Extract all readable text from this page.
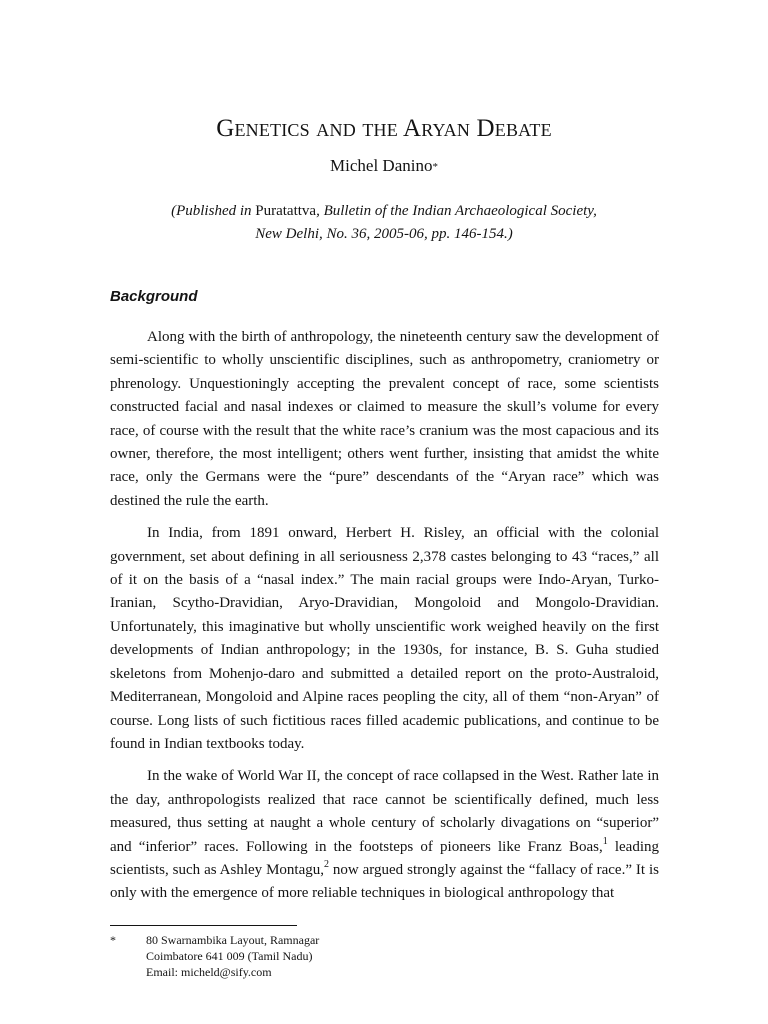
Genetics and the Aryan Debate
Michel Danino*
(Published in Puratattva, Bulletin of the Indian Archaeological Society,
New Delhi, No. 36, 2005-06, pp. 146-154.)
Background

Along with the birth of anthropology, the nineteenth century saw the development of semi-scientific to wholly unscientific disciplines, such as anthropometry, craniometry or phrenology. Unquestioningly accepting the prevalent concept of race, some scientists constructed facial and nasal indexes or claimed to measure the skull’s volume for every race, of course with the result that the white race’s cranium was the most capacious and its owner, therefore, the most intelligent; others went further, insisting that amidst the white race, only the Germans were the “pure” descendants of the “Aryan race” which was destined the rule the earth.

In India, from 1891 onward, Herbert H. Risley, an official with the colonial government, set about defining in all seriousness 2,378 castes belonging to 43 “races,” all of it on the basis of a “nasal index.” The main racial groups were Indo-Aryan, Turko-Iranian, Scytho-Dravidian, Aryo-Dravidian, Mongoloid and Mongolo-Dravidian. Unfortunately, this imaginative but wholly unscientific work weighed heavily on the first developments of Indian anthropology; in the 1930s, for instance, B. S. Guha studied skeletons from Mohenjo-daro and submitted a detailed report on the proto-Australoid, Mediterranean, Mongoloid and Alpine races peopling the city, all of them “non-Aryan” of course. Long lists of such fictitious races filled academic publications, and continue to be found in Indian textbooks today.

In the wake of World War II, the concept of race collapsed in the West. Rather late in the day, anthropologists realized that race cannot be scientifically defined, much less measured, thus setting at naught a whole century of scholarly divagations on “superior” and “inferior” races. Following in the footsteps of pioneers like Franz Boas,$^1$ leading scientists, such as Ashley Montagu,$^2$ now argued strongly against the “fallacy of race.” It is only with the emergence of more reliable techniques in biological anthropology that

*	80 Swarnambika Layout, Ramnagar
Coimbatore 641 009 (Tamil Nadu)
Email: micheld@sify.com
